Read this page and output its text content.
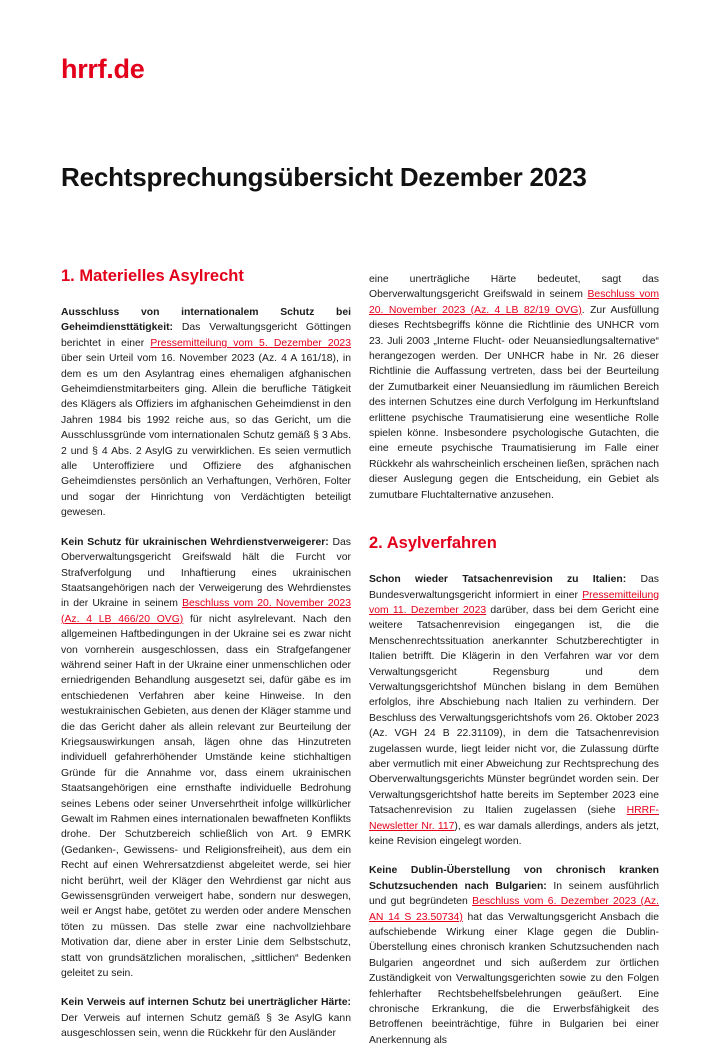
hrrf.de
Rechtsprechungsübersicht Dezember 2023
1. Materielles Asylrecht

Ausschluss von internationalem Schutz bei Geheimdiensttätigkeit: Das Verwaltungsgericht Göttingen berichtet in einer Pressemitteilung vom 5. Dezember 2023 über sein Urteil vom 16. November 2023 (Az. 4 A 161/18), in dem es um den Asylantrag eines ehemaligen afghanischen Geheimdienstmitarbeiters ging. Allein die berufliche Tätigkeit des Klägers als Offiziers im afghanischen Geheimdienst in den Jahren 1984 bis 1992 reiche aus, so das Gericht, um die Ausschlussgründe vom internationalen Schutz gemäß § 3 Abs. 2 und § 4 Abs. 2 AsylG zu verwirklichen. Es seien vermutlich alle Unteroffiziere und Offiziere des afghanischen Geheimdienstes persönlich an Verhaftungen, Verhören, Folter und sogar der Hinrichtung von Verdächtigten beteiligt gewesen.

Kein Schutz für ukrainischen Wehrdienstverweigerer: Das Oberverwaltungsgericht Greifswald hält die Furcht vor Strafverfolgung und Inhaftierung eines ukrainischen Staatsangehörigen nach der Verweigerung des Wehrdienstes in der Ukraine in seinem Beschluss vom 20. November 2023 (Az. 4 LB 466/20 OVG) für nicht asylrelevant. Nach den allgemeinen Haftbedingungen in der Ukraine sei es zwar nicht von vornherein ausgeschlossen, dass ein Strafgefangener während seiner Haft in der Ukraine einer unmenschlichen oder erniedrigenden Behandlung ausgesetzt sei, dafür gäbe es im entschiedenen Verfahren aber keine Hinweise. In den westukrainischen Gebieten, aus denen der Kläger stamme und die das Gericht daher als allein relevant zur Beurteilung der Kriegsauswirkungen ansah, lägen ohne das Hinzutreten individuell gefahrerhöhender Umstände keine stichhaltigen Gründe für die Annahme vor, dass einem ukrainischen Staatsangehörigen eine ernsthafte individuelle Bedrohung seines Lebens oder seiner Unversehrtheit infolge willkürlicher Gewalt im Rahmen eines internationalen bewaffneten Konflikts drohe. Der Schutzbereich schließlich von Art. 9 EMRK (Gedanken-, Gewissens- und Religionsfreiheit), aus dem ein Recht auf einen Wehrersatzdienst abgeleitet werde, sei hier nicht berührt, weil der Kläger den Wehrdienst gar nicht aus Gewissensgründen verweigert habe, sondern nur deswegen, weil er Angst habe, getötet zu werden oder andere Menschen töten zu müssen. Das stelle zwar eine nachvollziehbare Motivation dar, diene aber in erster Linie dem Selbstschutz, statt von grundsätzlichen moralischen, „sittlichen“ Bedenken geleitet zu sein.

Kein Verweis auf internen Schutz bei unerträglicher Härte: Der Verweis auf internen Schutz gemäß § 3e AsylG kann ausgeschlossen sein, wenn die Rückkehr für den Ausländer

eine unerträgliche Härte bedeutet, sagt das Oberverwaltungsgericht Greifswald in seinem Beschluss vom 20. November 2023 (Az. 4 LB 82/19 OVG). Zur Ausfüllung dieses Rechtsbegriffs könne die Richtlinie des UNHCR vom 23. Juli 2003 „Interne Flucht- oder Neuansiedlungsalternative“ herangezogen werden. Der UNHCR habe in Nr. 26 dieser Richtlinie die Auffassung vertreten, dass bei der Beurteilung der Zumutbarkeit einer Neuansiedlung im räumlichen Bereich des internen Schutzes eine durch Verfolgung im Herkunftsland erlittene psychische Traumatisierung eine wesentliche Rolle spielen könne. Insbesondere psychologische Gutachten, die eine erneute psychische Traumatisierung im Falle einer Rückkehr als wahrscheinlich erscheinen ließen, sprächen nach dieser Auslegung gegen die Entscheidung, ein Gebiet als zumutbare Fluchtalternative anzusehen.

2. Asylverfahren

Schon wieder Tatsachenrevision zu Italien: Das Bundesverwaltungsgericht informiert in einer Pressemitteilung vom 11. Dezember 2023 darüber, dass bei dem Gericht eine weitere Tatsachenrevision eingegangen ist, die die Menschenrechtssituation anerkannter Schutzberechtigter in Italien betrifft. Die Klägerin in den Verfahren war vor dem Verwaltungsgericht Regensburg und dem Verwaltungsgerichtshof München bislang in dem Bemühen erfolglos, ihre Abschiebung nach Italien zu verhindern. Der Beschluss des Verwaltungsgerichtshofs vom 26. Oktober 2023 (Az. VGH 24 B 22.31109), in dem die Tatsachenrevision zugelassen wurde, liegt leider nicht vor, die Zulassung dürfte aber vermutlich mit einer Abweichung zur Rechtsprechung des Oberverwaltungsgerichts Münster begründet worden sein. Der Verwaltungsgerichtshof hatte bereits im September 2023 eine Tatsachenrevision zu Italien zugelassen (siehe HRRF-Newsletter Nr. 117), es war damals allerdings, anders als jetzt, keine Revision eingelegt worden.

Keine Dublin-Überstellung von chronisch kranken Schutzsuchenden nach Bulgarien: In seinem ausführlich und gut begründeten Beschluss vom 6. Dezember 2023 (Az. AN 14 S 23.50734) hat das Verwaltungsgericht Ansbach die aufschiebende Wirkung einer Klage gegen die Dublin-Überstellung eines chronisch kranken Schutzsuchenden nach Bulgarien angeordnet und sich außerdem zur örtlichen Zuständigkeit von Verwaltungsgerichten sowie zu den Folgen fehlerhafter Rechtsbehelfsbelehrungen geäußert. Eine chronische Erkrankung, die die Erwerbsfähigkeit des Betroffenen beeinträchtige, führe in Bulgarien bei einer Anerkennung als
